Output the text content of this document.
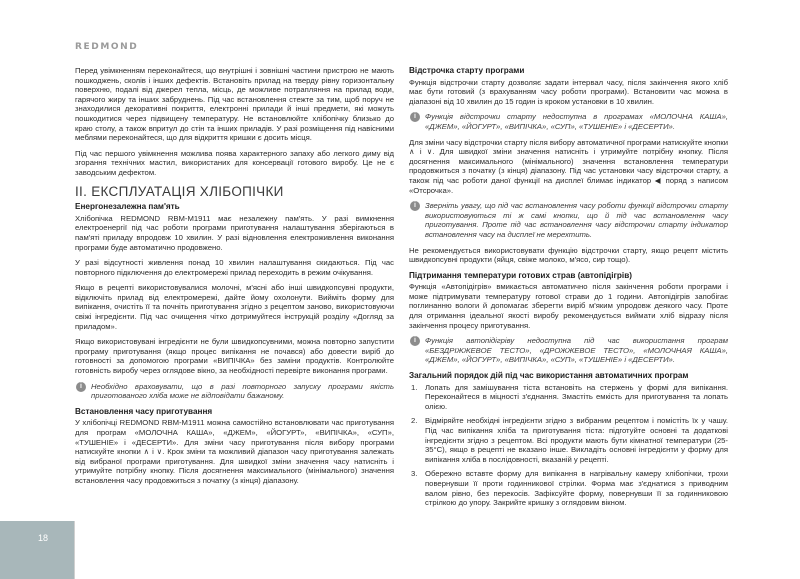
REDMOND

Перед увімкненням переконайтеся, що внутрішні і зовнішні частини пристрою не мають пошкоджень, сколів і інших дефектів. Встановіть прилад на тверду рівну горизонтальну поверхню, подалі від джерел тепла, місць, де можливе потрапляння на прилад води, гарячого жиру та інших забруднень. Під час встановлення стежте за тим, щоб поруч не знаходилися декоративні покриття, електронні прилади й інші предмети, які можуть пошкодитися через підвищену температуру. Не встановлюйте хлібопічку близько до краю столу, а також впритул до стін та інших приладів. У разі розміщення під навісними меблями переконайтеся, що для відкриття кришки є досить місця.

Під час першого увімкнення можлива поява характерного запаху або легкого диму від згорання технічних мастил, використаних для консервації готового виробу. Це не є заводським дефектом.

II. ЕКСПЛУАТАЦІЯ ХЛІБОПІЧКИ
Енергонезалежна пам'ять

Хлібопічка REDMOND RBM-M1911 має незалежну пам'ять. У разі вимкнення електроенергії під час роботи програми приготування налаштування зберігаються в пам'яті приладу впродовж 10 хвилин. У разі відновлення електроживлення виконання програми буде автоматично продовжено.

У разі відсутності живлення понад 10 хвилин налаштування скидаються. Під час повторного підключення до електромережі прилад переходить в режим очікування.

Якщо в рецепті використовувалися молочні, м'ясні або інші швидкопсувні продукти, відключіть прилад від електромережі, дайте йому охолонути. Вийміть форму для випікання, очистіть її та почніть приготування згідно з рецептом заново, використовуючи свіжі інгредієнти. Під час очищення чітко дотримуйтеся інструкцій розділу «Догляд за приладом».

Якщо використовувані інгредієнти не були швидкопсувними, можна повторно запустити програму приготування (якщо процес випікання не почався) або довести виріб до готовності за допомогою програми «ВИПІЧКА» без заміни продуктів. Контролюйте готовність виробу через оглядове вікно, за необхідності перевірте виконання програми.

i	Необхідно враховувати, що в разі повторного запуску програми якість приготованого хліба може не відповідати бажаному.
Встановлення часу приготування

У хлібопічці REDMOND RBM-M1911 можна самостійно встановлювати час приготування для програм «МОЛОЧНА КАША», «ДЖЕМ», «ЙОГУРТ», «ВИПІЧКА», «СУП», «ТУШЕНІЕ» і «ДЕСЕРТИ». Для зміни часу приготування після вибору програми натискуйте кнопки ∧ і ∨. Крок зміни та можливий діапазон часу приготування залежать від вибраної програми приготування. Для швидкої зміни значення часу натисніть і утримуйте потрібну кнопку. Після досягнення максимального (мінімального) значення встановлення часу продовжиться з початку (з кінця) діапазону.

Відстрочка старту програми

Функція відстрочки старту дозволяє задати інтервал часу, після закінчення якого хліб має бути готовий (з врахуванням часу роботи програми). Встановити час можна в діапазоні від 10 хвилин до 15 годин із кроком установки в 10 хвилин.

i	Функція відстрочки старту недоступна в програмах «МОЛОЧНА КАША», «ДЖЕМ», «ЙОГУРТ», «ВИПІЧКА», «СУП», «ТУШЕНІЕ» і «ДЕСЕРТИ».

Для зміни часу відстрочки старту після вибору автоматичної програми натискуйте кнопки ∧ і ∨. Для швидкої зміни значення натисніть і утримуйте потрібну кнопку. Після досягнення максимального (мінімального) значення встановлення температури продовжиться з початку (з кінця) діапазону. Під час установки часу відстрочки старту, а також під час роботи даної функції на дисплеї блимає індикатор ◀ поряд з написом «Отсрочка».

i	Зверніть увагу, що під час встановлення часу роботи функції відстрочки старту використовуються ті ж самі кнопки, що й під час встановлення часу приготування. Проте під час встановлення часу відстрочки старту індикатор встановлення часу на дисплеї не мерехтить.

Не рекомендується використовувати функцію відстрочки старту, якщо рецепт містить швидкопсувні продукти (яйця, свіже молоко, м'ясо, сир тощо).

Підтримання температури готових страв (автопідігрів)

Функція «Автопідігрів» вмикається автоматично після закінчення роботи програми і може підтримувати температуру готової страви до 1 години. Автопідігрів запобігає поглинанню вологи й допомагає зберегти виріб м'яким упродовж деякого часу. Проте для отримання ідеальної якості виробу рекомендується виймати хліб відразу після закінчення процесу приготування.

i	Функція автопідігріву недоступна під час використання програм «БЕЗДРІЖЖЕВОЕ ТЕСТО», «ДРОЖЖЕВОЕ ТЕСТО», «МОЛОЧНАЯ КАША», «ДЖЕМ», «ЙОГУРТ», «ВИПІЧКА», «СУП», «ТУШЕНІЕ» і «ДЕСЕРТИ».
Загальний порядок дій під час використання автоматичних програм
1. Лопать для замішування тіста встановіть на стержень у формі для випікання. Переконайтеся в міцності з'єднання. Змастіть емкість для приготування та лопать олією.
2. Відміряйте необхідні інгредієнти згідно з вибраним рецептом і помістіть їх у чашу. Під час випікання хліба та приготування тіста: підготуйте основні та додаткові інгредієнти згідно з рецептом. Всі продукти мають бути кімнатної температури (25-35°С), якщо в рецепті не вказано інше. Викладіть основні інгредієнти у форму для випікання хліба в послідовності, вказаній у рецепті.
3. Обережно вставте форму для випікання в нагрівальну камеру хлібопічки, трохи повернувши її проти годинникової стрілки. Форма має з'єднатися з приводним валом рівно, без перекосів. Зафіксуйте форму, повернувши її за годинниковою стрілкою до упору. Закрийте кришку з оглядовим вікном.
18
